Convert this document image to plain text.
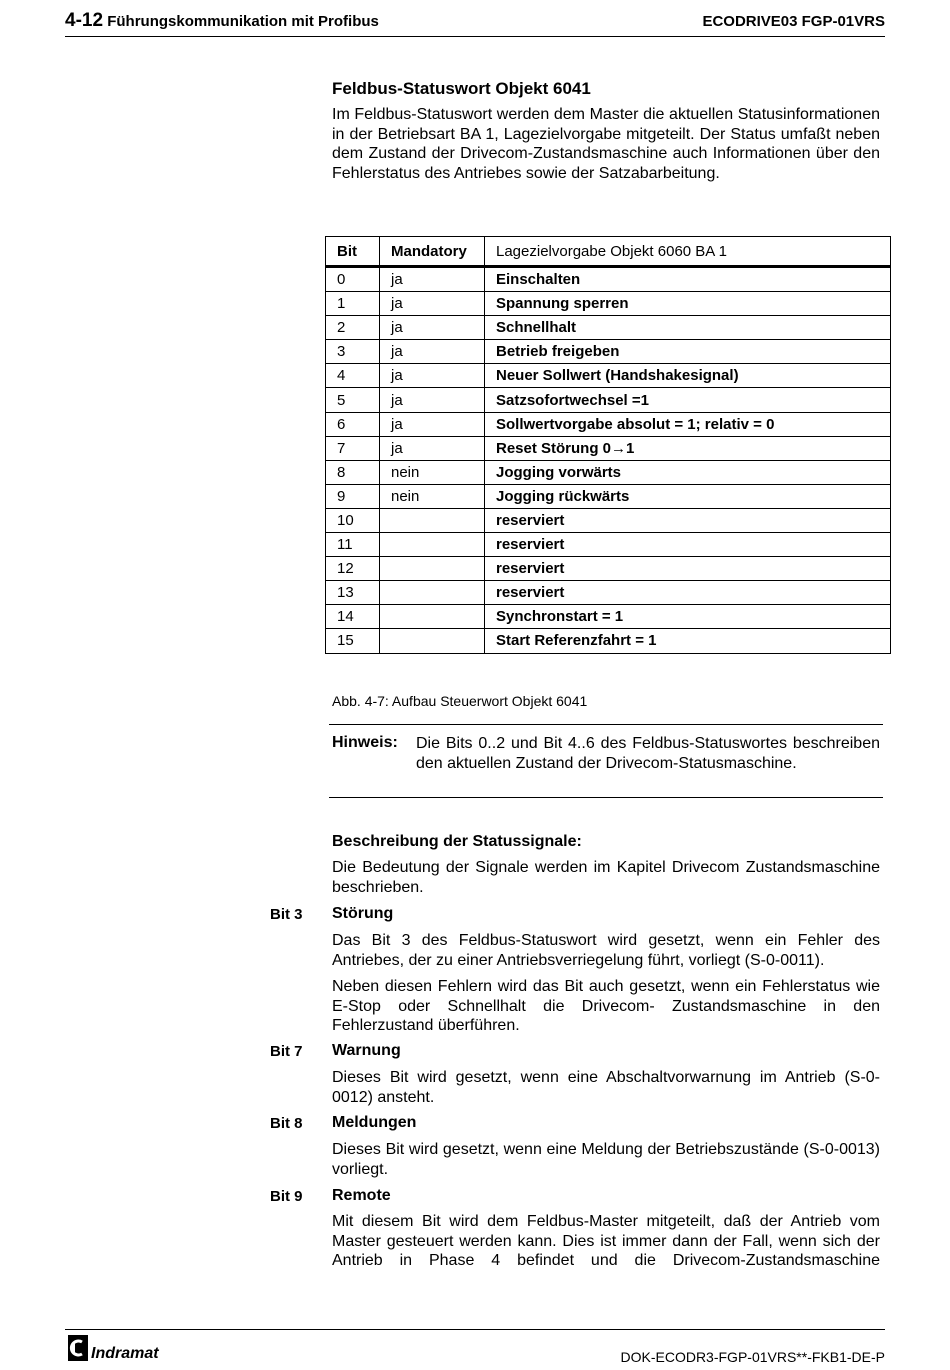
4-12 Führungskommunikation mit Profibus	ECODRIVE03 FGP-01VRS
Feldbus-Statuswort Objekt 6041

Im Feldbus-Statuswort werden dem Master die aktuellen Statusinformationen in der Betriebsart BA 1, Lagezielvorgabe mitgeteilt. Der Status umfaßt neben dem Zustand der Drivecom-Zustandsmaschine auch Informationen über den Fehlerstatus des Antriebes sowie der Satzabarbeitung.

Bit	Mandatory	Lagezielvorgabe Objekt 6060 BA 1
0	ja	Einschalten
1	ja	Spannung sperren
2	ja	Schnellhalt
3	ja	Betrieb freigeben
4	ja	Neuer Sollwert (Handshakesignal)
5	ja	Satzsofortwechsel =1
6	ja	Sollwertvorgabe absolut = 1; relativ = 0
7	ja	Reset Störung 0→1
8	nein	Jogging vorwärts
9	nein	Jogging rückwärts
10		reserviert
11		reserviert
12		reserviert
13		reserviert
14		Synchronstart = 1
15		Start Referenzfahrt = 1
Abb. 4-7: Aufbau Steuerwort Objekt 6041
Hinweis: Die Bits 0..2 und Bit 4..6 des Feldbus-Statuswortes beschreiben den aktuellen Zustand der Drivecom-Statusmaschine.
Beschreibung der Statussignale:

Die Bedeutung der Signale werden im Kapitel Drivecom Zustandsmaschine beschrieben.

Bit 3 Störung

Das Bit 3 des Feldbus-Statuswort wird gesetzt, wenn ein Fehler des Antriebes, der zu einer Antriebsverriegelung führt, vorliegt (S-0-0011).

Neben diesen Fehlern wird das Bit auch gesetzt, wenn ein Fehlerstatus wie E-Stop oder Schnellhalt die Drivecom- Zustandsmaschine in den Fehlerzustand überführen.

Bit 7 Warnung

Dieses Bit wird gesetzt, wenn eine Abschaltvorwarnung im Antrieb (S-0-0012) ansteht.

Bit 8 Meldungen

Dieses Bit wird gesetzt, wenn eine Meldung der Betriebszustände (S-0-0013) vorliegt.

Bit 9 Remote

Mit diesem Bit wird dem Feldbus-Master mitgeteilt, daß der Antrieb vom Master gesteuert werden kann. Dies ist immer dann der Fall, wenn sich der Antrieb in Phase 4 befindet und die Drivecom-Zustandsmaschine

Indramat	DOK-ECODR3-FGP-01VRS**-FKB1-DE-P
